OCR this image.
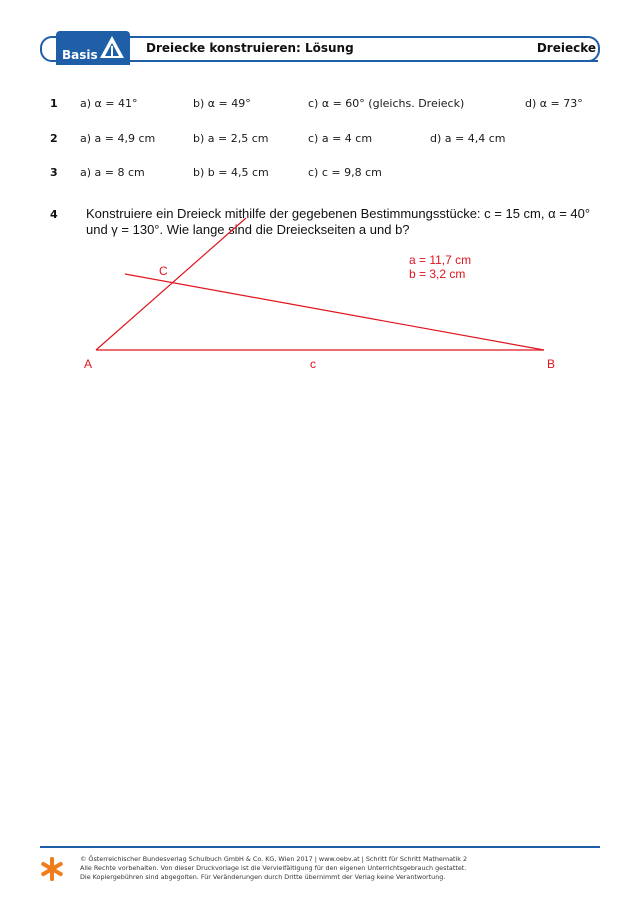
Basis	Dreiecke konstruieren: Lösung	Dreiecke
1 a) α = 41°	b) α = 49°	c) α = 60° (gleichs. Dreieck)	d) α = 73°
2 a) a = 4,9 cm	b) a = 2,5 cm	c) a = 4 cm	d) a = 4,4 cm
3 a) a = 8 cm	b) b = 4,5 cm	c) c = 9,8 cm
4 Konstruiere ein Dreieck mithilfe der gegebenen Bestimmungsstücke: c = 15 cm, α = 40° und γ = 130°. Wie lange sind die Dreieckseiten a und b?
A	c	B
C
a = 11,7 cm
b = 3,2 cm
© Österreichischer Bundesverlag Schulbuch GmbH & Co. KG, Wien 2017 | www.oebv.at | Schritt für Schritt Mathematik 2
Alle Rechte vorbehalten. Von dieser Druckvorlage ist die Vervielfältigung für den eigenen Unterrichtsgebrauch gestattet.
Die Kopiergebühren sind abgegolten. Für Veränderungen durch Dritte übernimmt der Verlag keine Verantwortung.
